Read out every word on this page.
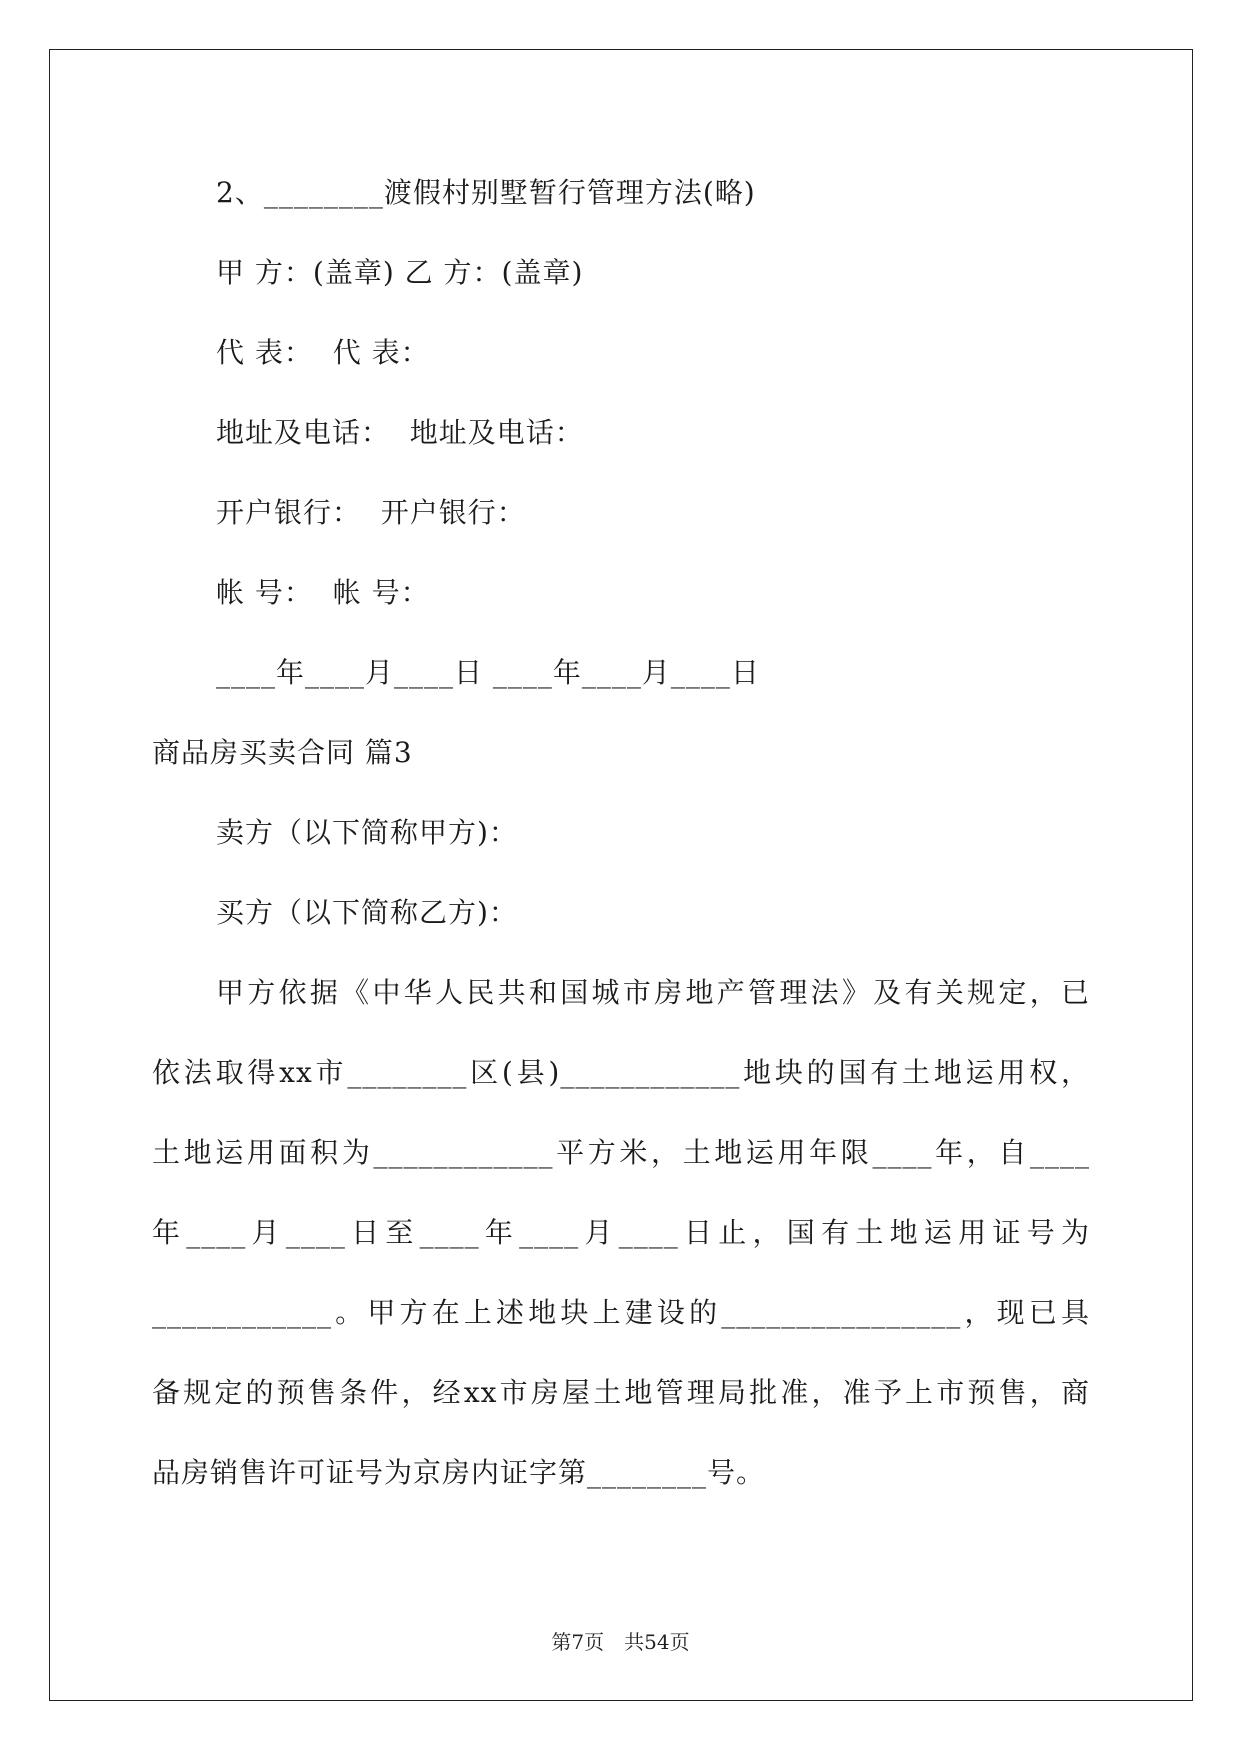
2、________渡假村别墅暂行管理方法(略)
甲 方：(盖章) 乙 方：(盖章)
代 表：  代 表：
地址及电话：  地址及电话：
开户银行：  开户银行：
帐 号：  帐 号：
____年____月____日 ____年____月____日
商品房买卖合同 篇3
卖方（以下简称甲方)：
买方（以下简称乙方)：
甲方依据《中华人民共和国城市房地产管理法》及有关规定，已
依法取得xx市________区(县)____________地块的国有土地运用权，
土地运用面积为____________平方米，土地运用年限____年，自____
年____月____日至____年____月____日止，国有土地运用证号为
____________。甲方在上述地块上建设的________________，现已具
备规定的预售条件，经xx市房屋土地管理局批准，准予上市预售，商
品房销售许可证号为京房内证字第________号。
第7页　共54页
